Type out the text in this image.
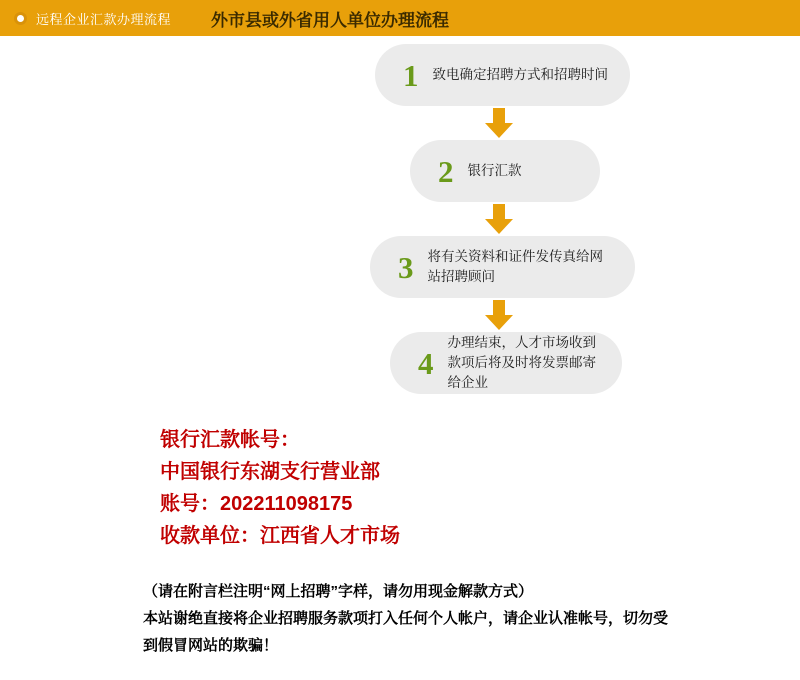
远程企业汇款办理流程 外市县或外省用人单位办理流程
1 致电确定招聘方式和招聘时间
2 银行汇款
3 将有关资料和证件发传真给网站招聘顾问
4
办理结束，人才市场收到款项后将及时将发票邮寄给企业
银行汇款帐号：
中国银行东湖支行营业部
账号：202211098175
收款单位：江西省人才市场
（请在附言栏注明“网上招聘”字样，请勿用现金解款方式）
本站谢绝直接将企业招聘服务款项打入任何个人帐户，请企业认准帐号，切勿受到假冒网站的欺骗！
